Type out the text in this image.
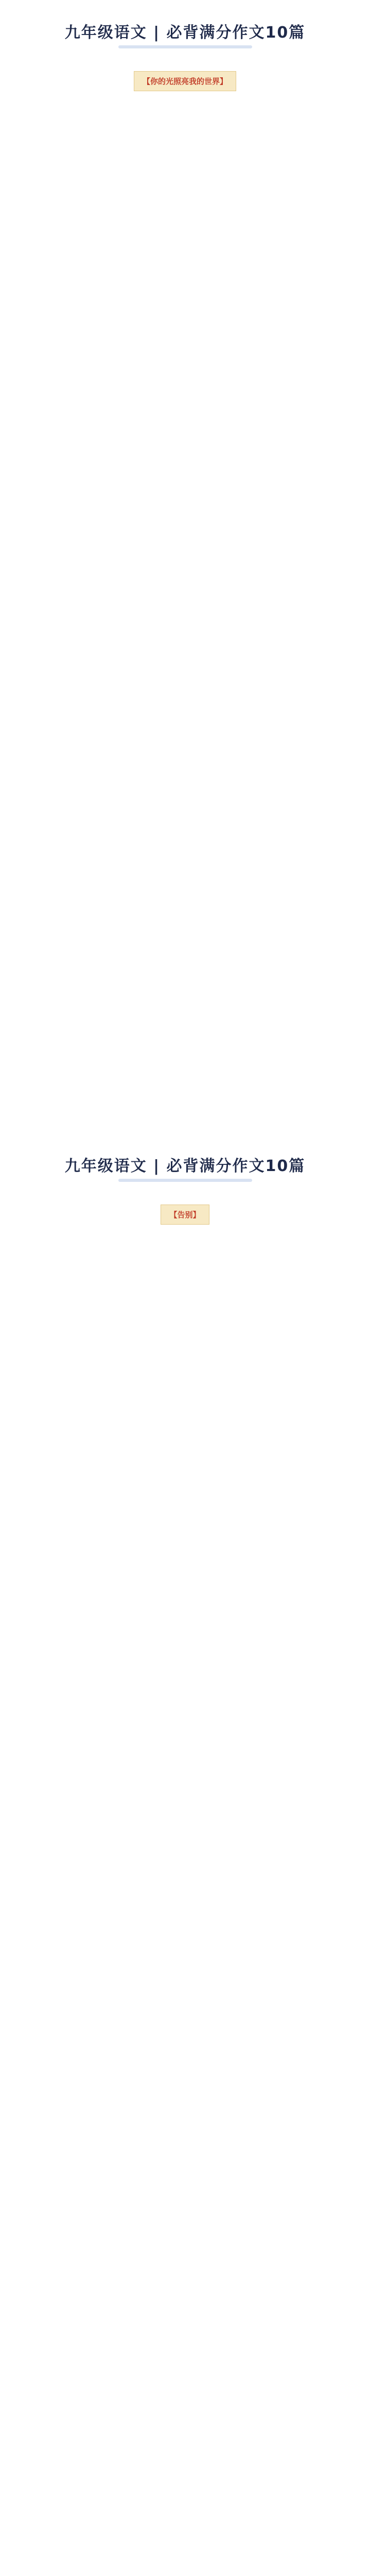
九年级语文 | 必背满分作文10篇
【你的光照亮我的世界】
九年级语文 | 必背满分作文10篇
【告别】
